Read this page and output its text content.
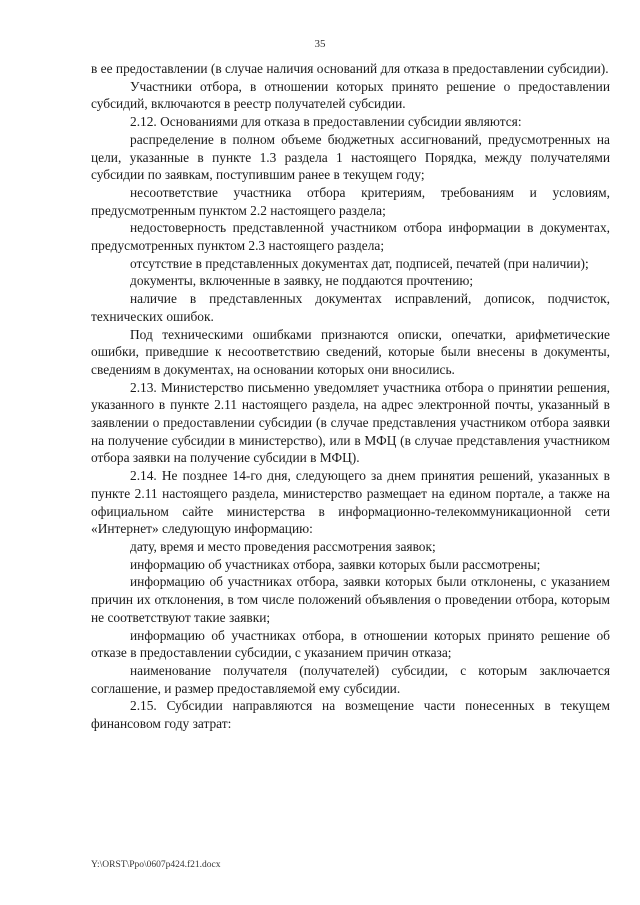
35

в ее предоставлении (в случае наличия оснований для отказа в предоставлении субсидии).

Участники отбора, в отношении которых принято решение о предоставлении субсидий, включаются в реестр получателей субсидии.

2.12. Основаниями для отказа в предоставлении субсидии являются:

распределение в полном объеме бюджетных ассигнований, предусмотренных на цели, указанные в пункте 1.3 раздела 1 настоящего Порядка, между получателями субсидии по заявкам, поступившим ранее в текущем году;

несоответствие участника отбора критериям, требованиям и условиям, предусмотренным пунктом 2.2 настоящего раздела;

недостоверность представленной участником отбора информации в документах, предусмотренных пунктом 2.3 настоящего раздела;

отсутствие в представленных документах дат, подписей, печатей (при наличии);

документы, включенные в заявку, не поддаются прочтению;

наличие в представленных документах исправлений, дописок, подчисток, технических ошибок.

Под техническими ошибками признаются описки, опечатки, арифметические ошибки, приведшие к несоответствию сведений, которые были внесены в документы, сведениям в документах, на основании которых они вносились.

2.13. Министерство письменно уведомляет участника отбора о принятии решения, указанного в пункте 2.11 настоящего раздела, на адрес электронной почты, указанный в заявлении о предоставлении субсидии (в случае представления участником отбора заявки на получение субсидии в министерство), или в МФЦ (в случае представления участником отбора заявки на получение субсидии в МФЦ).

2.14. Не позднее 14-го дня, следующего за днем принятия решений, указанных в пункте 2.11 настоящего раздела, министерство размещает на едином портале, а также на официальном сайте министерства в информационно-телекоммуникационной сети «Интернет» следующую информацию:

дату, время и место проведения рассмотрения заявок;

информацию об участниках отбора, заявки которых были рассмотрены;

информацию об участниках отбора, заявки которых были отклонены, с указанием причин их отклонения, в том числе положений объявления о проведении отбора, которым не соответствуют такие заявки;

информацию об участниках отбора, в отношении которых принято решение об отказе в предоставлении субсидии, с указанием причин отказа;

наименование получателя (получателей) субсидии, с которым заключается соглашение, и размер предоставляемой ему субсидии.

2.15. Субсидии направляются на возмещение части понесенных в текущем финансовом году затрат:

Y:\ORST\Ppo\0607p424.f21.docx
